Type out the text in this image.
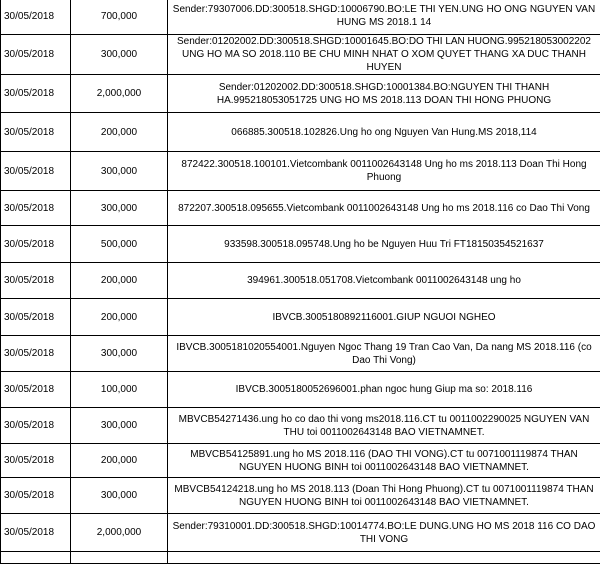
30/05/2018	700,000	Sender:79307006.DD:300518.SHGD:10006790.BO:LE THI YEN.UNG HO ONG NGUYEN VAN HUNG MS 2018.1 14
30/05/2018	300,000	Sender:01202002.DD:300518.SHGD:10001645.BO:DO THI LAN HUONG.995218053002202 UNG HO MA SO 2018.110 BE CHU MINH NHAT O XOM QUYET THANG XA DUC THANH HUYEN
30/05/2018	2,000,000	Sender:01202002.DD:300518.SHGD:10001384.BO:NGUYEN THI THANH HA.995218053051725 UNG HO MS 2018.113 DOAN THI HONG PHUONG
30/05/2018	200,000	066885.300518.102826.Ung ho ong Nguyen Van Hung.MS 2018,114
30/05/2018	300,000	872422.300518.100101.Vietcombank 0011002643148 Ung ho ms 2018.113 Doan Thi Hong Phuong
30/05/2018	300,000	872207.300518.095655.Vietcombank 0011002643148 Ung ho ms 2018.116 co Dao Thi Vong
30/05/2018	500,000	933598.300518.095748.Ung ho be Nguyen Huu Tri FT18150354521637
30/05/2018	200,000	394961.300518.051708.Vietcombank 0011002643148 ung ho
30/05/2018	200,000	IBVCB.3005180892116001.GIUP NGUOI NGHEO
30/05/2018	300,000	IBVCB.3005181020554001.Nguyen Ngoc Thang 19 Tran Cao Van, Da nang MS 2018.116 (co Dao Thi Vong)
30/05/2018	100,000	IBVCB.3005180052696001.phan ngoc hung Giup ma so: 2018.116
30/05/2018	300,000	MBVCB54271436.ung ho co dao thi vong ms2018.116.CT tu 0011002290025 NGUYEN VAN THU toi 0011002643148 BAO VIETNAMNET.
30/05/2018	200,000	MBVCB54125891.ung ho MS 2018.116 (DAO THI VONG).CT tu 0071001119874 THAN NGUYEN HUONG BINH toi 0011002643148 BAO VIETNAMNET.
30/05/2018	300,000	MBVCB54124218.ung ho MS 2018.113 (Doan Thi Hong Phuong).CT tu 0071001119874 THAN NGUYEN HUONG BINH toi 0011002643148 BAO VIETNAMNET.
30/05/2018	2,000,000	Sender:79310001.DD:300518.SHGD:10014774.BO:LE DUNG.UNG HO MS 2018 116 CO DAO THI VONG
